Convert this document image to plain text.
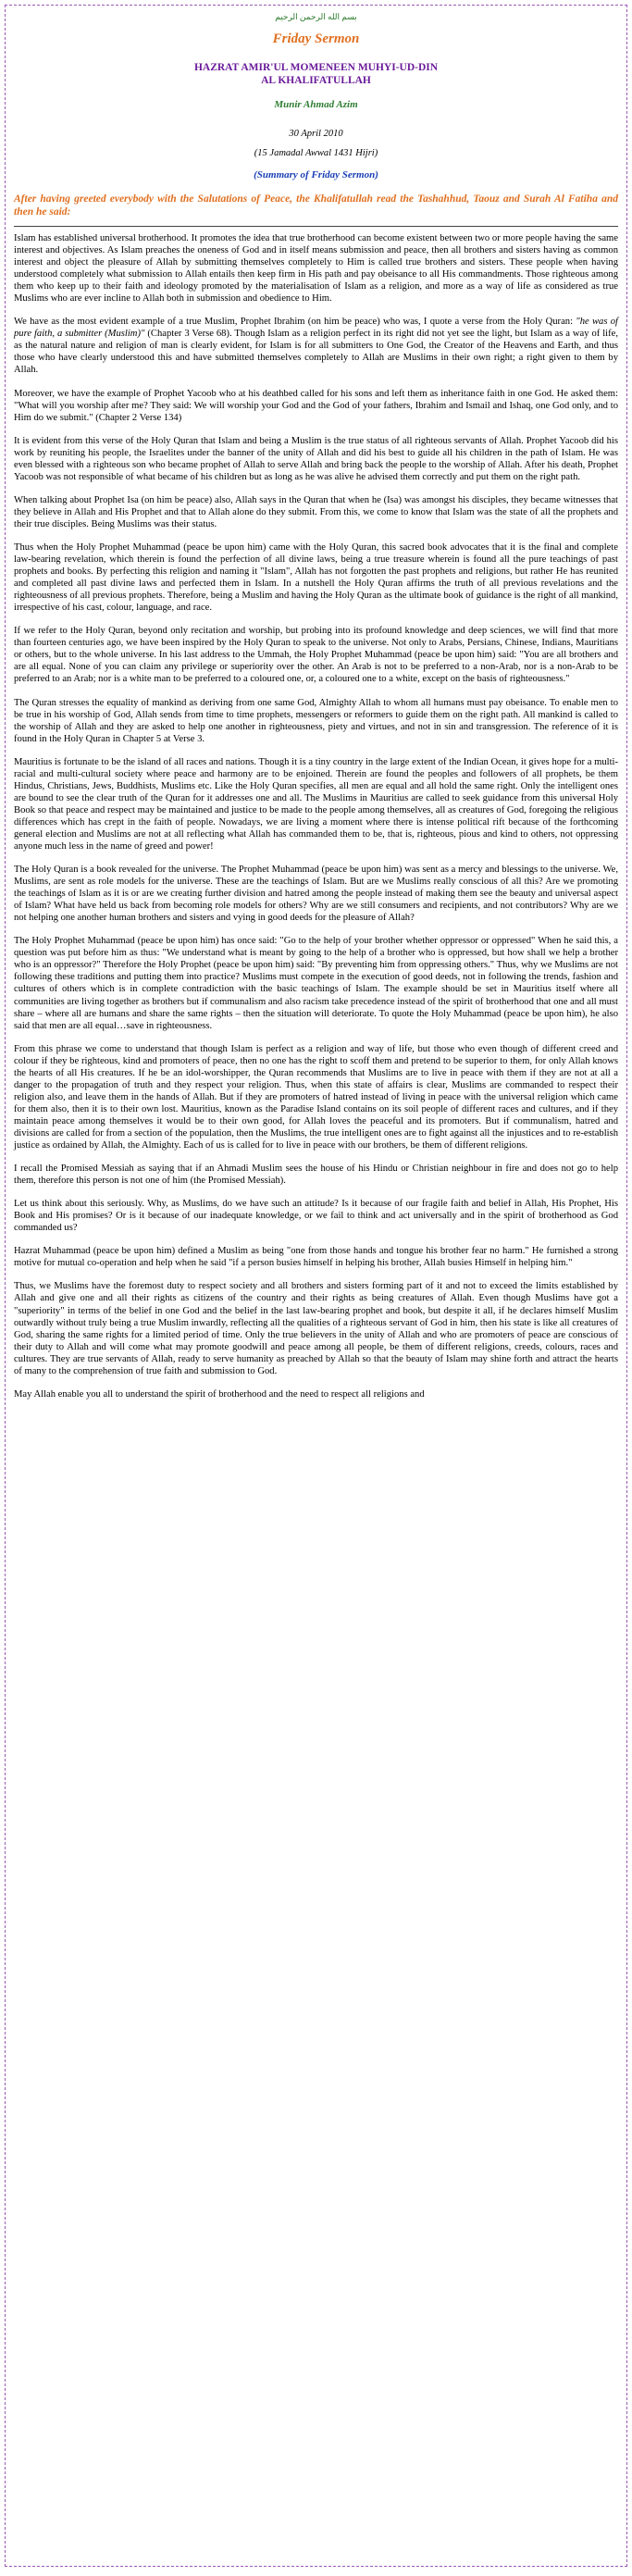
بسم الله الرحمن الرحيم

Friday Sermon

HAZRAT AMIR'UL MOMENEEN MUHYI-UD-DIN

AL KHALIFATULLAH

Munir Ahmad Azim

30 April 2010

(15 Jamadal Awwal 1431 Hijri)

(Summary of Friday Sermon)

After having greeted everybody with the Salutations of Peace, the Khalifatullah read the Tashahhud, Taouz and Surah Al Fatiha and then he said:

Islam has established universal brotherhood. It promotes the idea that true brotherhood can become existent between two or more people having the same interest and objectives. As Islam preaches the oneness of God and in itself means submission and peace, then all brothers and sisters having as common interest and object the pleasure of Allah by submitting themselves completely to Him is called true brothers and sisters. These people when having understood completely what submission to Allah entails then keep firm in His path and pay obeisance to all His commandments. Those righteous among them who keep up to their faith and ideology promoted by the materialisation of Islam as a religion, and more as a way of life as considered as true Muslims who are ever incline to Allah both in submission and obedience to Him.

We have as the most evident example of a true Muslim, Prophet Ibrahim (on him be peace) who was, I quote a verse from the Holy Quran: "he was of pure faith, a submitter (Muslim)" (Chapter 3 Verse 68). Though Islam as a religion perfect in its right did not yet see the light, but Islam as a way of life, as the natural nature and religion of man is clearly evident, for Islam is for all submitters to One God, the Creator of the Heavens and Earth, and thus those who have clearly understood this and have submitted themselves completely to Allah are Muslims in their own right; a right given to them by Allah.

Moreover, we have the example of Prophet Yacoob who at his deathbed called for his sons and left them as inheritance faith in one God. He asked them: "What will you worship after me? They said: We will worship your God and the God of your fathers, Ibrahim and Ismail and Ishaq, one God only, and to Him do we submit." (Chapter 2 Verse 134)

It is evident from this verse of the Holy Quran that Islam and being a Muslim is the true status of all righteous servants of Allah. Prophet Yacoob did his work by reuniting his people, the Israelites under the banner of the unity of Allah and did his best to guide all his children in the path of Islam. He was even blessed with a righteous son who became prophet of Allah to serve Allah and bring back the people to the worship of Allah. After his death, Prophet Yacoob was not responsible of what became of his children but as long as he was alive he advised them correctly and put them on the right path.

When talking about Prophet Isa (on him be peace) also, Allah says in the Quran that when he (Isa) was amongst his disciples, they became witnesses that they believe in Allah and His Prophet and that to Allah alone do they submit. From this, we come to know that Islam was the state of all the prophets and their true disciples. Being Muslims was their status.

Thus when the Holy Prophet Muhammad (peace be upon him) came with the Holy Quran, this sacred book advocates that it is the final and complete law-bearing revelation, which therein is found the perfection of all divine laws, being a true treasure wherein is found all the pure teachings of past prophets and books. By perfecting this religion and naming it "Islam", Allah has not forgotten the past prophets and religions, but rather He has reunited and completed all past divine laws and perfected them in Islam. In a nutshell the Holy Quran affirms the truth of all previous revelations and the righteousness of all previous prophets. Therefore, being a Muslim and having the Holy Quran as the ultimate book of guidance is the right of all mankind, irrespective of his cast, colour, language, and race.

If we refer to the Holy Quran, beyond only recitation and worship, but probing into its profound knowledge and deep sciences, we will find that more than fourteen centuries ago, we have been inspired by the Holy Quran to speak to the universe. Not only to Arabs, Persians, Chinese, Indians, Mauritians or others, but to the whole universe. In his last address to the Ummah, the Holy Prophet Muhammad (peace be upon him) said: "You are all brothers and are all equal. None of you can claim any privilege or superiority over the other. An Arab is not to be preferred to a non-Arab, nor is a non-Arab to be preferred to an Arab; nor is a white man to be preferred to a coloured one, or, a coloured one to a white, except on the basis of righteousness."

The Quran stresses the equality of mankind as deriving from one same God, Almighty Allah to whom all humans must pay obeisance. To enable men to be true in his worship of God, Allah sends from time to time prophets, messengers or reformers to guide them on the right path. All mankind is called to the worship of Allah and they are asked to help one another in righteousness, piety and virtues, and not in sin and transgression. The reference of it is found in the Holy Quran in Chapter 5 at Verse 3.

Mauritius is fortunate to be the island of all races and nations. Though it is a tiny country in the large extent of the Indian Ocean, it gives hope for a multi-racial and multi-cultural society where peace and harmony are to be enjoined. Therein are found the peoples and followers of all prophets, be them Hindus, Christians, Jews, Buddhists, Muslims etc. Like the Holy Quran specifies, all men are equal and all hold the same right. Only the intelligent ones are bound to see the clear truth of the Quran for it addresses one and all. The Muslims in Mauritius are called to seek guidance from this universal Holy Book so that peace and respect may be maintained and justice to be made to the people among themselves, all as creatures of God, foregoing the religious differences which has crept in the faith of people. Nowadays, we are living a moment where there is intense political rift because of the forthcoming general election and Muslims are not at all reflecting what Allah has commanded them to be, that is, righteous, pious and kind to others, not oppressing anyone much less in the name of greed and power!

The Holy Quran is a book revealed for the universe. The Prophet Muhammad (peace be upon him) was sent as a mercy and blessings to the universe. We, Muslims, are sent as role models for the universe. These are the teachings of Islam. But are we Muslims really conscious of all this? Are we promoting the teachings of Islam as it is or are we creating further division and hatred among the people instead of making them see the beauty and universal aspect of Islam? What have held us back from becoming role models for others? Why are we still consumers and recipients, and not contributors? Why are we not helping one another human brothers and sisters and vying in good deeds for the pleasure of Allah?

The Holy Prophet Muhammad (peace be upon him) has once said: "Go to the help of your brother whether oppressor or oppressed" When he said this, a question was put before him as thus: "We understand what is meant by going to the help of a brother who is oppressed, but how shall we help a brother who is an oppressor?" Therefore the Holy Prophet (peace be upon him) said: "By preventing him from oppressing others." Thus, why we Muslims are not following these traditions and putting them into practice? Muslims must compete in the execution of good deeds, not in following the trends, fashion and cultures of others which is in complete contradiction with the basic teachings of Islam. The example should be set in Mauritius itself where all communities are living together as brothers but if communalism and also racism take precedence instead of the spirit of brotherhood that one and all must share – where all are humans and share the same rights – then the situation will deteriorate. To quote the Holy Muhammad (peace be upon him), he also said that men are all equal…save in righteousness.

From this phrase we come to understand that though Islam is perfect as a religion and way of life, but those who even though of different creed and colour if they be righteous, kind and promoters of peace, then no one has the right to scoff them and pretend to be superior to them, for only Allah knows the hearts of all His creatures. If he be an idol-worshipper, the Quran recommends that Muslims are to live in peace with them if they are not at all a danger to the propagation of truth and they respect your religion. Thus, when this state of affairs is clear, Muslims are commanded to respect their religion also, and leave them in the hands of Allah. But if they are promoters of hatred instead of living in peace with the universal religion which came for them also, then it is to their own lost. Mauritius, known as the Paradise Island contains on its soil people of different races and cultures, and if they maintain peace among themselves it would be to their own good, for Allah loves the peaceful and its promoters. But if communalism, hatred and divisions are called for from a section of the population, then the Muslims, the true intelligent ones are to fight against all the injustices and to re-establish justice as ordained by Allah, the Almighty. Each of us is called for to live in peace with our brothers, be them of different religions.

I recall the Promised Messiah as saying that if an Ahmadi Muslim sees the house of his Hindu or Christian neighbour in fire and does not go to help them, therefore this person is not one of him (the Promised Messiah).

Let us think about this seriously. Why, as Muslims, do we have such an attitude? Is it because of our fragile faith and belief in Allah, His Prophet, His Book and His promises? Or is it because of our inadequate knowledge, or we fail to think and act universally and in the spirit of brotherhood as God commanded us?

Hazrat Muhammad (peace be upon him) defined a Muslim as being "one from those hands and tongue his brother fear no harm." He furnished a strong motive for mutual co-operation and help when he said "if a person busies himself in helping his brother, Allah busies Himself in helping him."

Thus, we Muslims have the foremost duty to respect society and all brothers and sisters forming part of it and not to exceed the limits established by Allah and give one and all their rights as citizens of the country and their rights as being creatures of Allah. Even though Muslims have got a "superiority" in terms of the belief in one God and the belief in the last law-bearing prophet and book, but despite it all, if he declares himself Muslim outwardly without truly being a true Muslim inwardly, reflecting all the qualities of a righteous servant of God in him, then his state is like all creatures of God, sharing the same rights for a limited period of time. Only the true believers in the unity of Allah and who are promoters of peace are conscious of their duty to Allah and will come what may promote goodwill and peace among all people, be them of different religions, creeds, colours, races and cultures. They are true servants of Allah, ready to serve humanity as preached by Allah so that the beauty of Islam may shine forth and attract the hearts of many to the comprehension of true faith and submission to God.

May Allah enable you all to understand the spirit of brotherhood and the need to respect all religions and
